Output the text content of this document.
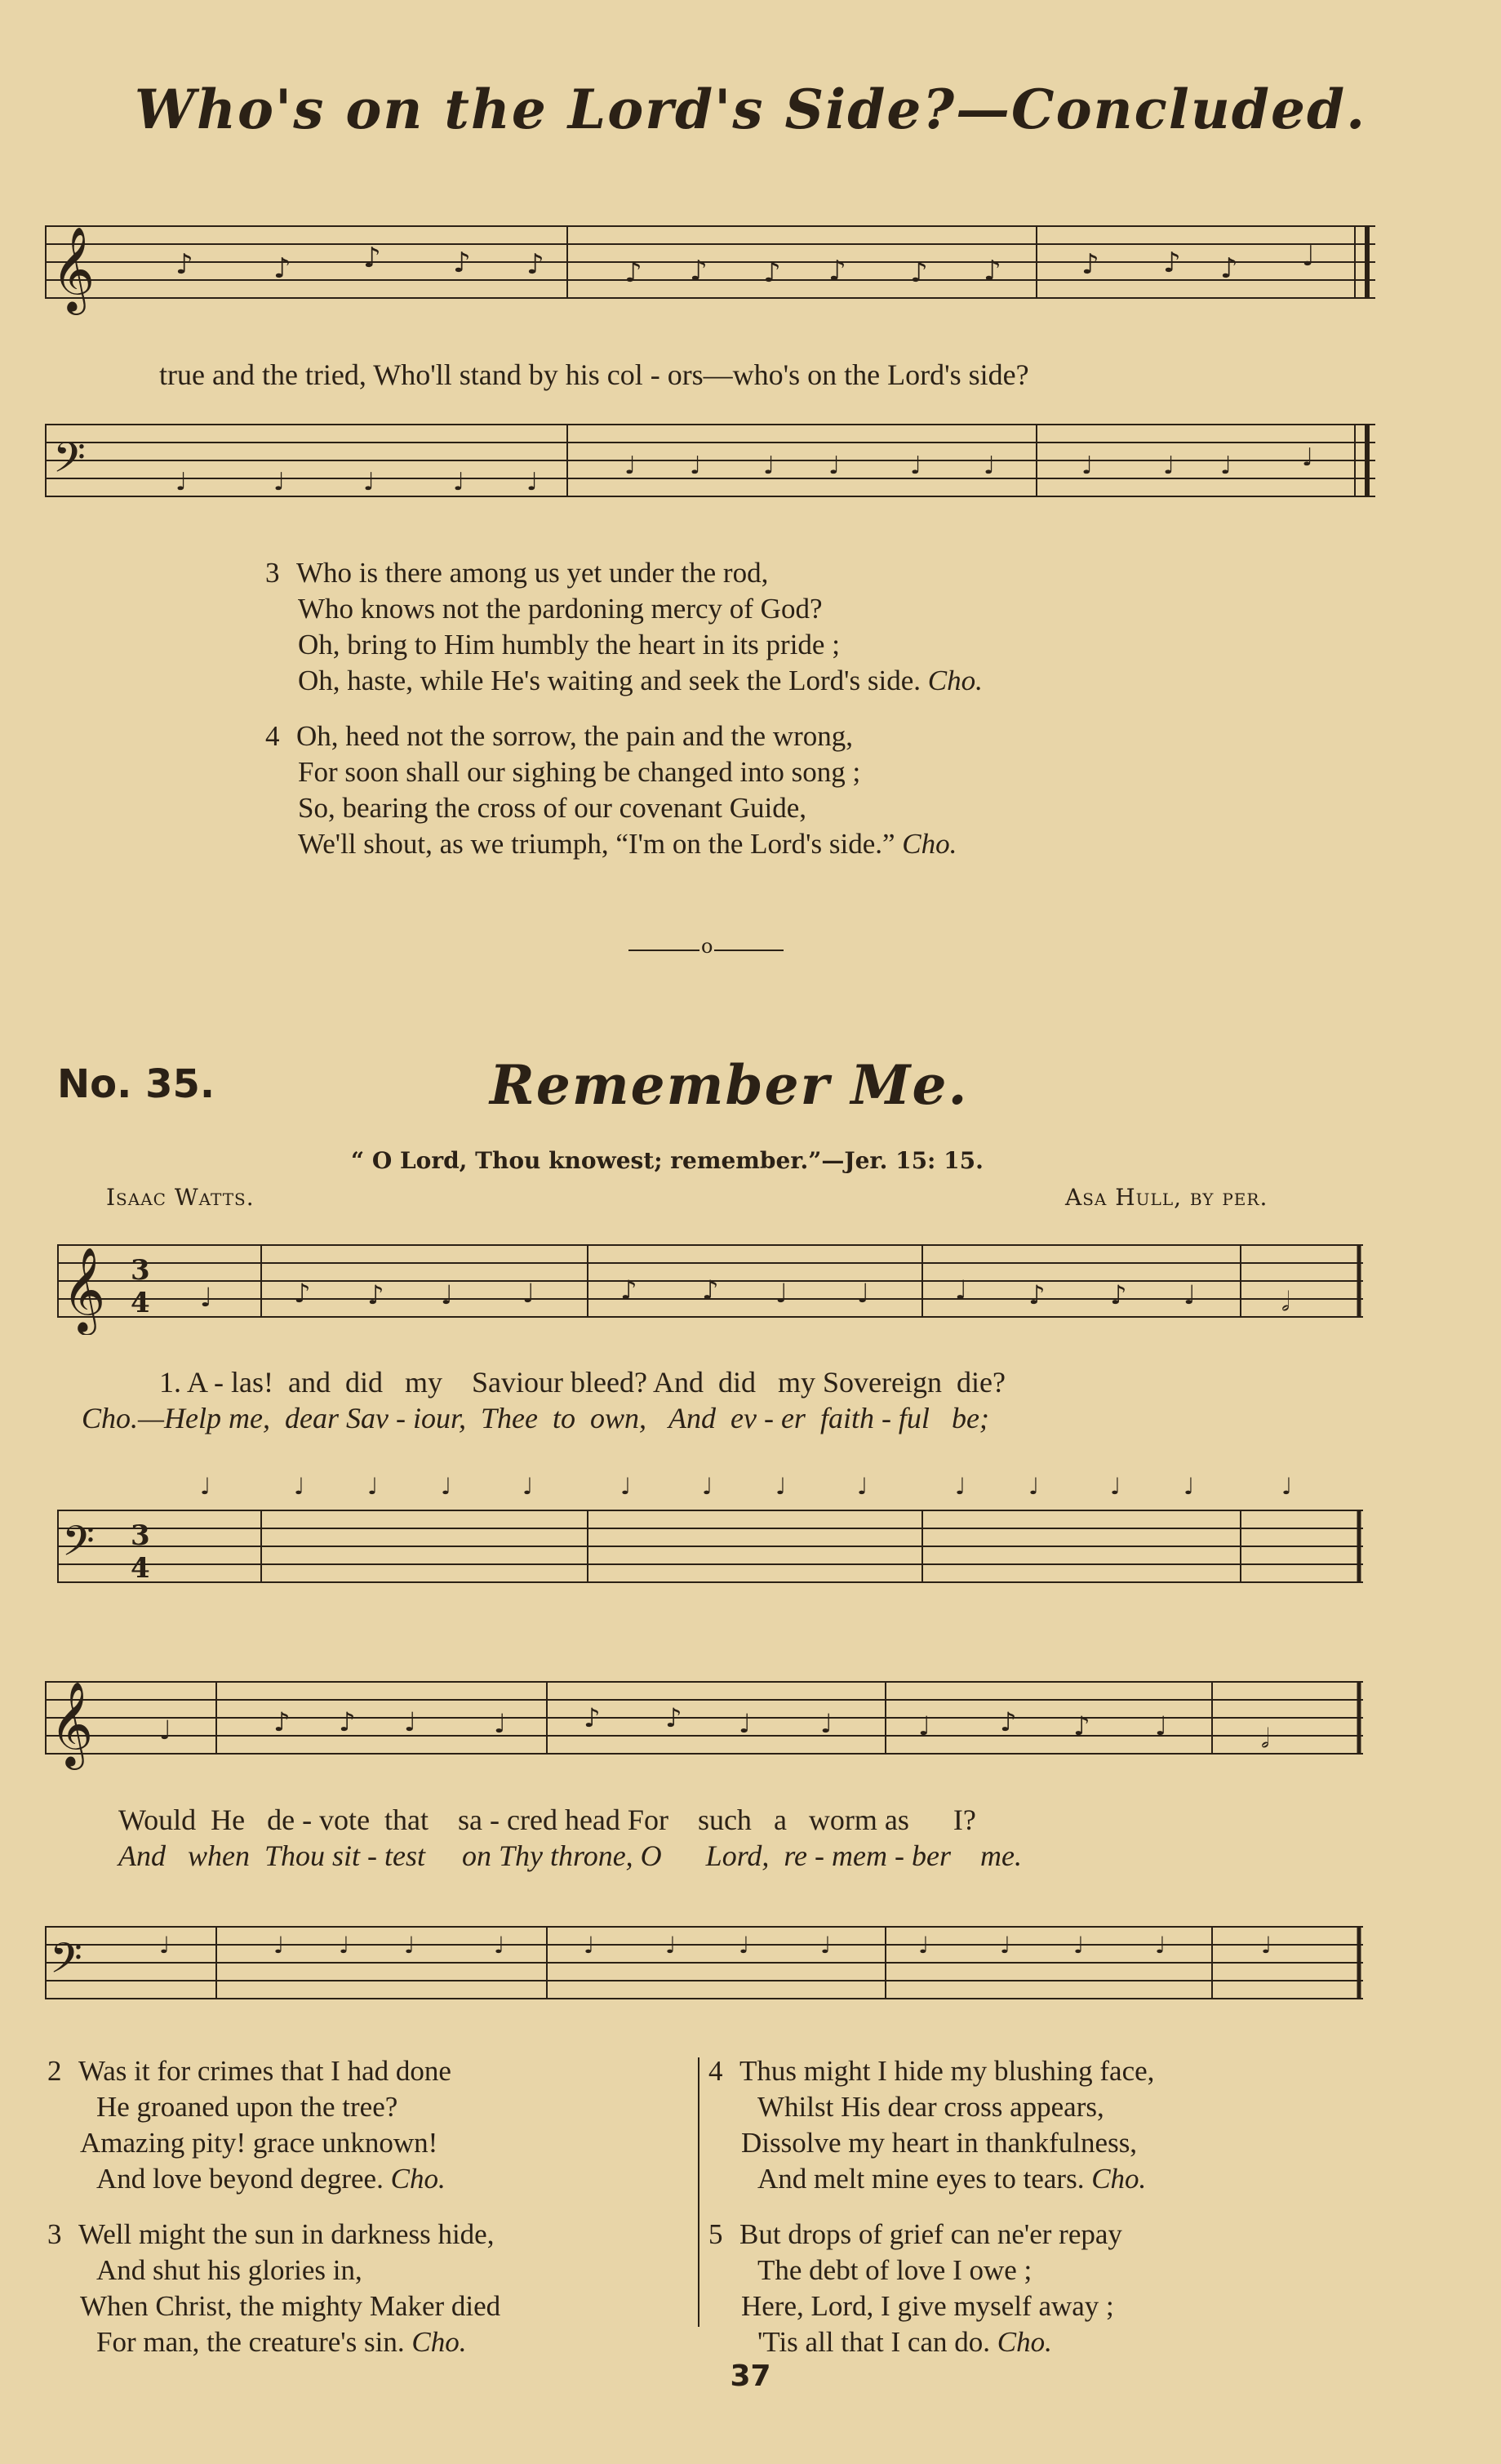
Who's on the Lord's Side?—Concluded.
𝄞	♪	♪	♪	♪ ♪	♪ ♪ ♪ ♪ ♪ ♪	♪ ♪ ♪ ♩
true and the tried, Who'll stand by his col - ors—who's on the Lord's side?
𝄢	♩	♩	♩	♩	♩
♩ ♩	♩ ♩	♩	♩	♩	♩ ♩	♩
3 Who is there among us yet under the rod,
Who knows not the pardoning mercy of God?
Oh, bring to Him humbly the heart in its pride ;
Oh, haste, while He's waiting and seek the Lord's side. Cho.
4 Oh, heed not the sorrow, the pain and the wrong,
For soon shall our sighing be changed into song ;
So, bearing the cross of our covenant Guide,
We'll shout, as we triumph, “I'm on the Lord's side.” Cho.
o
No. 35.	Remember Me.
“ O Lord, Thou knowest; remember.”—Jer. 15: 15.
Isaac Watts.	Asa Hull, by per.
𝄞 3
4 ♩	♪ ♪ ♩	♩	♪ ♪ ♩	♩	♩ ♪ ♪ ♩	𝅗𝅥
1. A - las! and did my Saviour bleed? And did my Sovereign die?
Cho.—Help me, dear Sav - iour, Thee to own, And ev - er faith - ful be;
𝄢 3
4
♩	♩	♩	♩	♩	♩	♩	♩	♩	♩	♩	♩	♩	♩
𝄞	♩	♪ ♪ ♩	♩	♪ ♪ ♩	♩	♩	♪ ♪ ♩	𝅗𝅥
Would He de - vote that sa - cred head For such a worm as I?
And when Thou sit - test on Thy throne, O Lord, re - mem - ber me.
𝄢	♩	♩ ♩ ♩	♩	♩	♩	♩	♩	♩	♩	♩	♩	♩
2 Was it for crimes that I had done
He groaned upon the tree?
Amazing pity! grace unknown!
And love beyond degree. Cho.
3 Well might the sun in darkness hide,
And shut his glories in,
When Christ, the mighty Maker died
For man, the creature's sin. Cho.
4 Thus might I hide my blushing face,
Whilst His dear cross appears,
Dissolve my heart in thankfulness,
And melt mine eyes to tears. Cho.
5 But drops of grief can ne'er repay
The debt of love I owe ;
Here, Lord, I give myself away ;
'Tis all that I can do. Cho.
37
